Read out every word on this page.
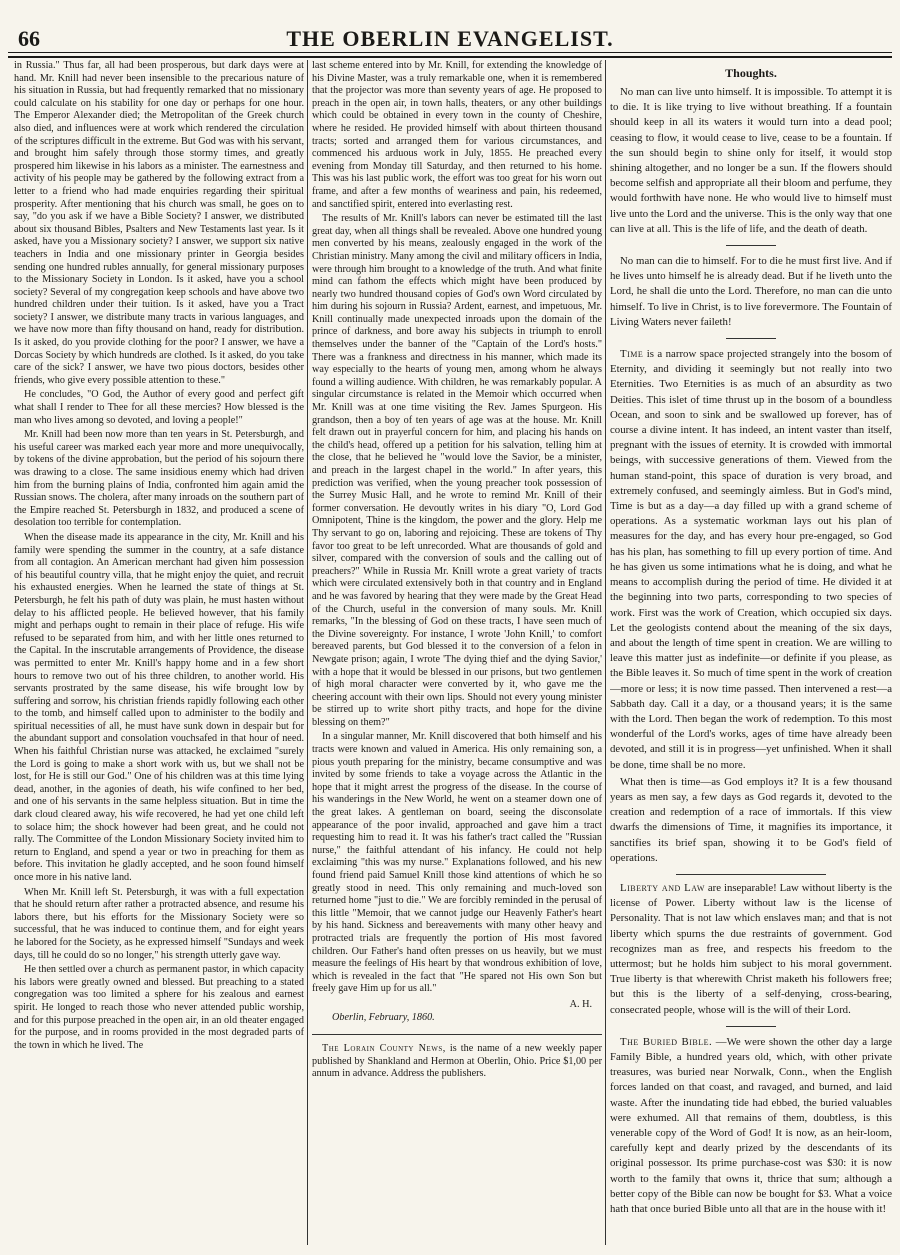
66	THE OBERLIN EVANGELIST.

in Russia." Thus far, all had been prosperous, but dark days were at hand. Mr. Knill had never been insensible to the precarious nature of his situation in Russia, but had frequently remarked that no missionary could calculate on his stability for one day or perhaps for one hour. The Emperor Alexander died; the Metropolitan of the Greek church also died, and influences were at work which rendered the circulation of the scriptures difficult in the extreme. But God was with his servant, and brought him safely through those stormy times, and greatly prospered him likewise in his labors as a minister. The earnestness and activity of his people may be gathered by the following extract from a letter to a friend who had made enquiries regarding their spiritual prosperity. After mentioning that his church was small, he goes on to say, "do you ask if we have a Bible Society? I answer, we distributed about six thousand Bibles, Psalters and New Testaments last year. Is it asked, have you a Missionary society? I answer, we support six native teachers in India and one missionary printer in Georgia besides sending one hundred rubles annually, for general missionary purposes to the Missionary Society in London. Is it asked, have you a school society? Several of my congregation keep schools and have above two hundred children under their tuition. Is it asked, have you a Tract society? I answer, we distribute many tracts in various languages, and we have now more than fifty thousand on hand, ready for distribution. Is it asked, do you provide clothing for the poor? I answer, we have a Dorcas Society by which hundreds are clothed. Is it asked, do you take care of the sick? I answer, we have two pious doctors, besides other friends, who give every possible attention to these."

He concludes, "O God, the Author of every good and perfect gift what shall I render to Thee for all these mercies? How blessed is the man who lives among so devoted, and loving a people!"

Mr. Knill had been now more than ten years in St. Petersburgh, and his useful career was marked each year more and more unequivocally, by tokens of the divine approbation, but the period of his sojourn there was drawing to a close. The same insidious enemy which had driven him from the burning plains of India, confronted him again amid the Russian snows. The cholera, after many inroads on the southern part of the Empire reached St. Petersburgh in 1832, and produced a scene of desolation too terrible for contemplation.

When the disease made its appearance in the city, Mr. Knill and his family were spending the summer in the country, at a safe distance from all contagion. An American merchant had given him possession of his beautiful country villa, that he might enjoy the quiet, and recruit his exhausted energies. When he learned the state of things at St. Petersburgh, he felt his path of duty was plain, he must hasten without delay to his afflicted people. He believed however, that his family might and perhaps ought to remain in their place of refuge. His wife refused to be separated from him, and with her little ones returned to the Capital. In the inscrutable arrangements of Providence, the disease was permitted to enter Mr. Knill's happy home and in a few short hours to remove two out of his three children, to another world. His servants prostrated by the same disease, his wife brought low by suffering and sorrow, his christian friends rapidly following each other to the tomb, and himself called upon to administer to the bodily and spiritual necessities of all, he must have sunk down in despair but for the abundant support and consolation vouchsafed in that hour of need. When his faithful Christian nurse was attacked, he exclaimed "surely the Lord is going to make a short work with us, but we shall not be lost, for He is still our God." One of his children was at this time lying dead, another, in the agonies of death, his wife confined to her bed, and one of his servants in the same helpless situation. But in time the dark cloud cleared away, his wife recovered, he had yet one child left to solace him; the shock however had been great, and he could not rally. The Committee of the London Missionary Society invited him to return to England, and spend a year or two in preaching for them as before. This invitation he gladly accepted, and he soon found himself once more in his native land.

When Mr. Knill left St. Petersburgh, it was with a full expectation that he should return after rather a protracted absence, and resume his labors there, but his efforts for the Missionary Society were so successful, that he was induced to continue them, and for eight years he labored for the Society, as he expressed himself "Sundays and week days, till he could do so no longer," his strength utterly gave way.

He then settled over a church as permanent pastor, in which capacity his labors were greatly owned and blessed. But preaching to a stated congregation was too limited a sphere for his zealous and earnest spirit. He longed to reach those who never attended public worship, and for this purpose preached in the open air, in an old theater engaged for the purpose, and in rooms provided in the most degraded parts of the town in which he lived. The

last scheme entered into by Mr. Knill, for extending the knowledge of his Divine Master, was a truly remarkable one, when it is remembered that the projector was more than seventy years of age. He proposed to preach in the open air, in town halls, theaters, or any other buildings which could be obtained in every town in the county of Cheshire, where he resided. He provided himself with about thirteen thousand tracts; sorted and arranged them for various circumstances, and commenced his arduous work in July, 1855. He preached every evening from Monday till Saturday, and then returned to his home. This was his last public work, the effort was too great for his worn out frame, and after a few months of weariness and pain, his redeemed, and sanctified spirit, entered into everlasting rest.

The results of Mr. Knill's labors can never be estimated till the last great day, when all things shall be revealed. Above one hundred young men converted by his means, zealously engaged in the work of the Christian ministry. Many among the civil and military officers in India, were through him brought to a knowledge of the truth. And what finite mind can fathom the effects which might have been produced by nearly two hundred thousand copies of God's own Word circulated by him during his sojourn in Russia? Ardent, earnest, and impetuous, Mr. Knill continually made unexpected inroads upon the domain of the prince of darkness, and bore away his subjects in triumph to enroll themselves under the banner of the "Captain of the Lord's hosts." There was a frankness and directness in his manner, which made its way especially to the hearts of young men, among whom he always found a willing audience. With children, he was remarkably popular. A singular circumstance is related in the Memoir which occurred when Mr. Knill was at one time visiting the Rev. James Spurgeon. His grandson, then a boy of ten years of age was at the house. Mr. Knill felt drawn out in prayerful concern for him, and placing his hands on the child's head, offered up a petition for his salvation, telling him at the close, that he believed he "would love the Savior, be a minister, and preach in the largest chapel in the world." In after years, this prediction was verified, when the young preacher took possession of the Surrey Music Hall, and he wrote to remind Mr. Knill of their former conversation. He devoutly writes in his diary "O, Lord God Omnipotent, Thine is the kingdom, the power and the glory. Help me Thy servant to go on, laboring and rejoicing. These are tokens of Thy favor too great to be left unrecorded. What are thousands of gold and silver, compared with the conversion of souls and the calling out of preachers?" While in Russia Mr. Knill wrote a great variety of tracts which were circulated extensively both in that country and in England and he was favored by hearing that they were made by the Great Head of the Church, useful in the conversion of many souls. Mr. Knill remarks, "In the blessing of God on these tracts, I have seen much of the Divine sovereignty. For instance, I wrote 'John Knill,' to comfort bereaved parents, but God blessed it to the conversion of a felon in Newgate prison; again, I wrote 'The dying thief and the dying Savior,' with a hope that it would be blessed in our prisons, but two gentlemen of high moral character were converted by it, who gave me the cheering account with their own lips. Should not every young minister be stirred up to write short pithy tracts, and hope for the divine blessing on them?"

In a singular manner, Mr. Knill discovered that both himself and his tracts were known and valued in America. His only remaining son, a pious youth preparing for the ministry, became consumptive and was invited by some friends to take a voyage across the Atlantic in the hope that it might arrest the progress of the disease. In the course of his wanderings in the New World, he went on a steamer down one of the great lakes. A gentleman on board, seeing the disconsolate appearance of the poor invalid, approached and gave him a tract requesting him to read it. It was his father's tract called the "Russian nurse," the faithful attendant of his infancy. He could not help exclaiming "this was my nurse." Explanations followed, and his new found friend paid Samuel Knill those kind attentions of which he so greatly stood in need. This only remaining and much-loved son returned home "just to die." We are forcibly reminded in the perusal of this little "Memoir, that we cannot judge our Heavenly Father's heart by his hand. Sickness and bereavements with many other heavy and protracted trials are frequently the portion of His most favored children. Our Father's hand often presses on us heavily, but we must measure the feelings of His heart by that wondrous exhibition of love, which is revealed in the fact that "He spared not His own Son but freely gave Him up for us all."

A. H.

Oberlin, February, 1860.

The Lorain County News, is the name of a new weekly paper published by Shankland and Hermon at Oberlin, Ohio. Price $1,00 per annum in advance. Address the publishers.

Thoughts.

No man can live unto himself. It is impossible. To attempt it is to die. It is like trying to live without breathing. If a fountain should keep in all its waters it would turn into a dead pool; ceasing to flow, it would cease to live, cease to be a fountain. If the sun should begin to shine only for itself, it would stop shining altogether, and no longer be a sun. If the flowers should become selfish and appropriate all their bloom and perfume, they would forthwith have none. He who would live to himself must live unto the Lord and the universe. This is the only way that one can live at all. This is the life of life, and the death of death.

No man can die to himself. For to die he must first live. And if he lives unto himself he is already dead. But if he liveth unto the Lord, he shall die unto the Lord. Therefore, no man can die unto himself. To live in Christ, is to live forevermore. The Fountain of Living Waters never faileth!

Time is a narrow space projected strangely into the bosom of Eternity, and dividing it seemingly but not really into two Eternities. Two Eternities is as much of an absurdity as two Deities. This islet of time thrust up in the bosom of a boundless Ocean, and soon to sink and be swallowed up forever, has of course a divine intent. It has indeed, an intent vaster than itself, pregnant with the issues of eternity. It is crowded with immortal beings, with successive generations of them. Viewed from the human stand-point, this space of duration is very broad, and extremely confused, and seemingly aimless. But in God's mind, Time is but as a day—a day filled up with a grand scheme of operations. As a systematic workman lays out his plan of measures for the day, and has every hour pre-engaged, so God has his plan, has something to fill up every portion of time. And he has given us some intimations what he is doing, and what he means to accomplish during the period of time. He divided it at the beginning into two parts, corresponding to two species of work. First was the work of Creation, which occupied six days. Let the geologists contend about the meaning of the six days, and about the length of time spent in creation. We are willing to leave this matter just as indefinite—or definite if you please, as the Bible leaves it. So much of time spent in the work of creation—more or less; it is now time passed. Then intervened a rest—a Sabbath day. Call it a day, or a thousand years; it is the same with the Lord. Then began the work of redemption. To this most wonderful of the Lord's works, ages of time have already been devoted, and still it is in progress—yet unfinished. When it shall be done, time shall be no more.

What then is time—as God employs it? It is a few thousand years as men say, a few days as God regards it, devoted to the creation and redemption of a race of immortals. If this view dwarfs the dimensions of Time, it magnifies its importance, it sanctifies its brief span, showing it to be God's field of operations.

Liberty and Law are inseparable! Law without liberty is the license of Power. Liberty without law is the license of Personality. That is not law which enslaves man; and that is not liberty which spurns the due restraints of government. God recognizes man as free, and respects his freedom to the uttermost; but he holds him subject to his moral government. True liberty is that wherewith Christ maketh his followers free; but this is the liberty of a self-denying, cross-bearing, consecrated people, whose will is the will of their Lord.

The Buried Bible. —We were shown the other day a large Family Bible, a hundred years old, which, with other private treasures, was buried near Norwalk, Conn., when the English forces landed on that coast, and ravaged, and burned, and laid waste. After the inundating tide had ebbed, the buried valuables were exhumed. All that remains of them, doubtless, is this venerable copy of the Word of God! It is now, as an heir-loom, carefully kept and dearly prized by the descendants of its original possessor. Its prime purchase-cost was $30: it is now worth to the family that owns it, thrice that sum; although a better copy of the Bible can now be bought for $3. What a voice hath that once buried Bible unto all that are in the house with it!
